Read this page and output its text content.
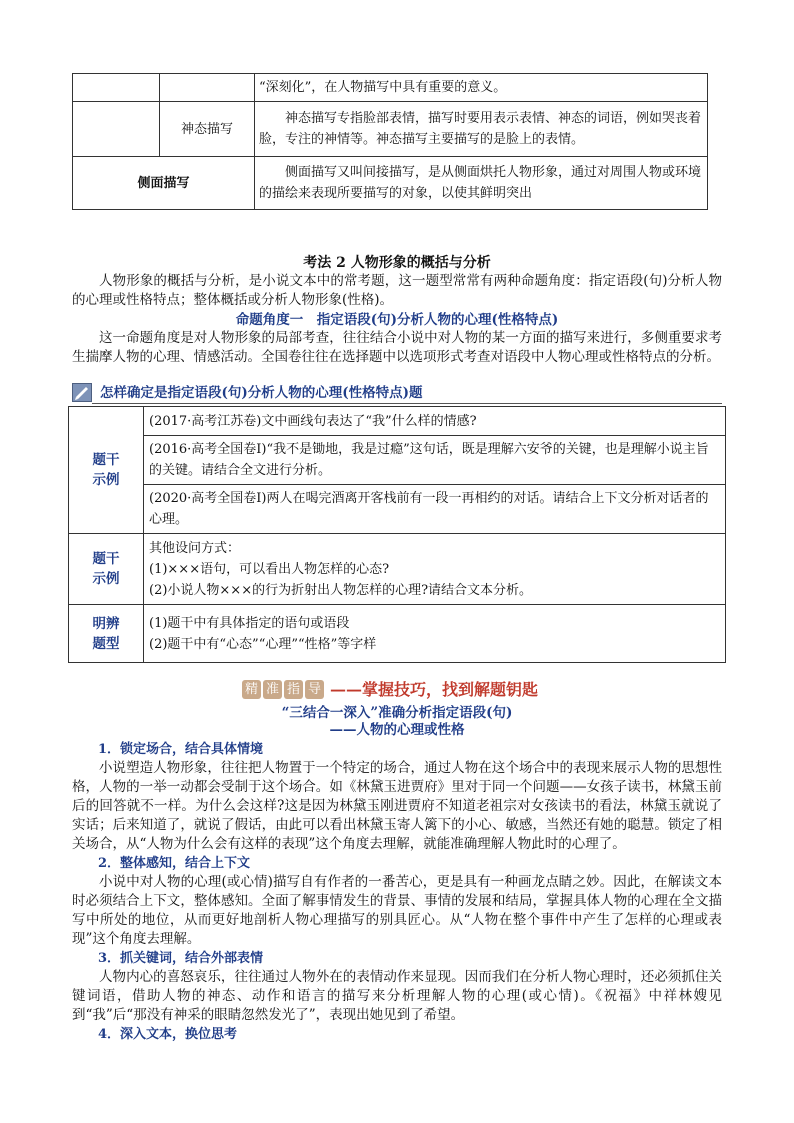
		“深刻化”，在人物描写中具有重要的意义。
	神态描写	神态描写专指脸部表情，描写时要用表示表情、神态的词语，例如哭丧着脸，专注的神情等。神态描写主要描写的是脸上的表情。
侧面描写		侧面描写又叫间接描写，是从侧面烘托人物形象，通过对周围人物或环境的描绘来表现所要描写的对象，以使其鲜明突出
考法 2 人物形象的概括与分析

人物形象的概括与分析，是小说文本中的常考题，这一题型常常有两种命题角度：指定语段(句)分析人物的心理或性格特点；整体概括或分析人物形象(性格)。

命题角度一　指定语段(句)分析人物的心理(性格特点)

这一命题角度是对人物形象的局部考查，往往结合小说中对人物的某一方面的描写来进行，多侧重要求考生揣摩人物的心理、情感活动。全国卷往往在选择题中以选项形式考查对语段中人物心理或性格特点的分析。

怎样确定是指定语段(句)分析人物的心理(性格特点)题
题干示例	(2017·高考江苏卷)文中画线句表达了“我”什么样的情感?
	(2016·高考全国卷Ⅰ)“我不是锄地，我是过瘾”这句话，既是理解六安爷的关键，也是理解小说主旨的关键。请结合全文进行分析。
	(2020·高考全国卷Ⅰ)两人在喝完酒离开客栈前有一段一再相约的对话。请结合上下文分析对话者的心理。
题干示例	其他设问方式：
(1)×××语句，可以看出人物怎样的心态?
(2)小说人物×××的行为折射出人物怎样的心理?请结合文本分析。

明辨题型	(1)题干中有具体指定的语句或语段
(2)题干中有“心态”“心理”“性格”等字样
精 准 指 导 ——掌握技巧，找到解题钥匙
“三结合一深入”准确分析指定语段(句)
——人物的心理或性格
1．锁定场合，结合具体情境

小说塑造人物形象，往往把人物置于一个特定的场合，通过人物在这个场合中的表现来展示人物的思想性格，人物的一举一动都会受制于这个场合。如《林黛玉进贾府》里对于同一个问题——女孩子读书，林黛玉前后的回答就不一样。为什么会这样?这是因为林黛玉刚进贾府不知道老祖宗对女孩读书的看法，林黛玉就说了实话；后来知道了，就说了假话，由此可以看出林黛玉寄人篱下的小心、敏感，当然还有她的聪慧。锁定了相关场合，从“人物为什么会有这样的表现”这个角度去理解，就能准确理解人物此时的心理了。

2．整体感知，结合上下文

小说中对人物的心理(或心情)描写自有作者的一番苦心，更是具有一种画龙点睛之妙。因此，在解读文本时必须结合上下文，整体感知。全面了解事情发生的背景、事情的发展和结局，掌握具体人物的心理在全文描写中所处的地位，从而更好地剖析人物心理描写的别具匠心。从“人物在整个事件中产生了怎样的心理或表现”这个角度去理解。

3．抓关键词，结合外部表情

人物内心的喜怒哀乐，往往通过人物外在的表情动作来显现。因而我们在分析人物心理时，还必须抓住关键词语，借助人物的神态、动作和语言的描写来分析理解人物的心理(或心情)。《祝福》中祥林嫂见到“我”后“那没有神采的眼睛忽然发光了”，表现出她见到了希望。

4．深入文本，换位思考
